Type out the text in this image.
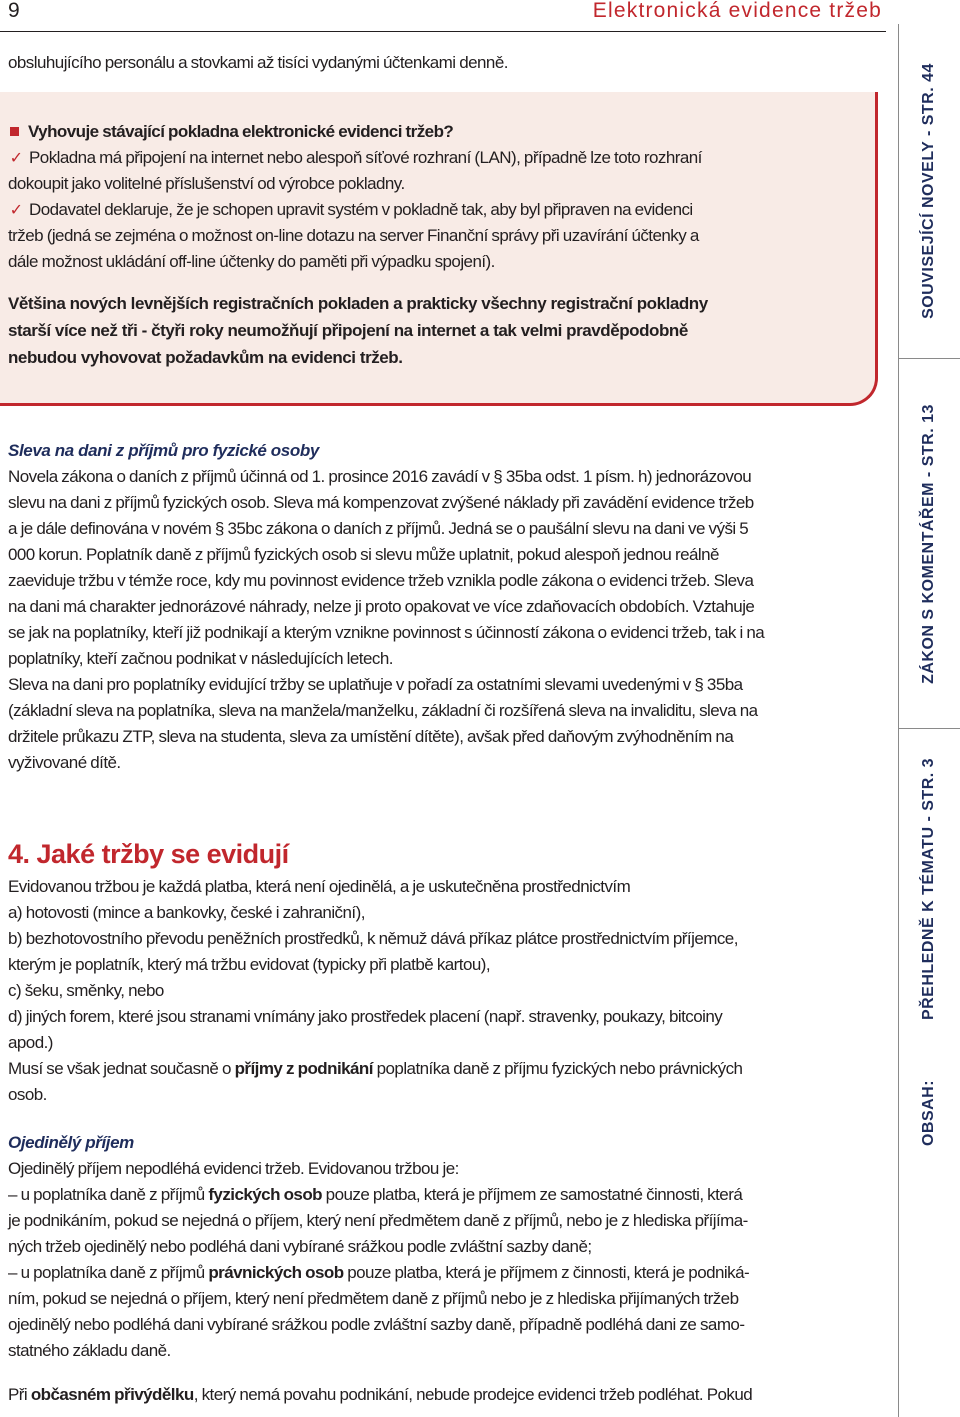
9	Elektronická evidence tržeb
obsluhujícího personálu a stovkami až tisíci vydanými účtenkami denně.
Vyhovuje stávající pokladna elektronické evidenci tržeb?
✓ Pokladna má připojení na internet nebo alespoň síťové rozhraní (LAN), případně lze toto rozhraní
dokoupit jako volitelné příslušenství od výrobce pokladny.
✓ Dodavatel deklaruje, že je schopen upravit systém v pokladně tak, aby byl připraven na evidenci
tržeb (jedná se zejména o možnost on-line dotazu na server Finanční správy při uzavírání účtenky a
dále možnost ukládání off-line účtenky do paměti při výpadku spojení).
Většina nových levnějších registračních pokladen a prakticky všechny registrační pokladny
starší více než tři - čtyři roky neumožňují připojení na internet a tak velmi pravděpodobně
nebudou vyhovovat požadavkům na evidenci tržeb.
Sleva na dani z příjmů pro fyzické osoby
Novela zákona o daních z příjmů účinná od 1. prosince 2016 zavádí v § 35ba odst. 1 písm. h) jednorázovou
slevu na dani z příjmů fyzických osob. Sleva má kompenzovat zvýšené náklady při zavádění evidence tržeb
a je dále definována v novém § 35bc zákona o daních z příjmů. Jedná se o paušální slevu na dani ve výši 5
000 korun. Poplatník daně z příjmů fyzických osob si slevu může uplatnit, pokud alespoň jednou reálně
zaeviduje tržbu v témže roce, kdy mu povinnost evidence tržeb vznikla podle zákona o evidenci tržeb. Sleva
na dani má charakter jednorázové náhrady, nelze ji proto opakovat ve více zdaňovacích obdobích. Vztahuje
se jak na poplatníky, kteří již podnikají a kterým vznikne povinnost s účinností zákona o evidenci tržeb, tak i na
poplatníky, kteří začnou podnikat v následujících letech.
Sleva na dani pro poplatníky evidující tržby se uplatňuje v pořadí za ostatními slevami uvedenými v § 35ba
(základní sleva na poplatníka, sleva na manžela/manželku, základní či rozšířená sleva na invaliditu, sleva na
držitele průkazu ZTP, sleva na studenta, sleva za umístění dítěte), avšak před daňovým zvýhodněním na
vyživované dítě.
4. Jaké tržby se evidují
Evidovanou tržbou je každá platba, která není ojedinělá, a je uskutečněna prostřednictvím
a) hotovosti (mince a bankovky, české i zahraniční),
b) bezhotovostního převodu peněžních prostředků, k němuž dává příkaz plátce prostřednictvím příjemce,
kterým je poplatník, který má tržbu evidovat (typicky při platbě kartou),
c) šeku, směnky, nebo
d) jiných forem, které jsou stranami vnímány jako prostředek placení (např. stravenky, poukazy, bitcoiny
apod.)
Musí se však jednat současně o příjmy z podnikání poplatníka daně z příjmu fyzických nebo právnických
osob.
Ojedinělý příjem
Ojedinělý příjem nepodléhá evidenci tržeb. Evidovanou tržbou je:
– u poplatníka daně z příjmů fyzických osob pouze platba, která je příjmem ze samostatné činnosti, která
je podnikáním, pokud se nejedná o příjem, který není předmětem daně z příjmů, nebo je z hlediska příjíma-
ných tržeb ojedinělý nebo podléhá dani vybírané srážkou podle zvláštní sazby daně;
– u poplatníka daně z příjmů právnických osob pouze platba, která je příjmem z činnosti, která je podniká-
ním, pokud se nejedná o příjem, který není předmětem daně z příjmů nebo je z hlediska přijímaných tržeb
ojedinělý nebo podléhá dani vybírané srážkou podle zvláštní sazby daně, případně podléhá dani ze samo-
statného základu daně.
Při občasném přivýdělku, který nemá povahu podnikání, nebude prodejce evidenci tržeb podléhat. Pokud
SOUVISEJÍCÍ NOVELY - STR. 44
ZÁKON S KOMENTÁŘEM - STR. 13
PŘEHLEDNĚ K TÉMATU - STR. 3
OBSAH:
